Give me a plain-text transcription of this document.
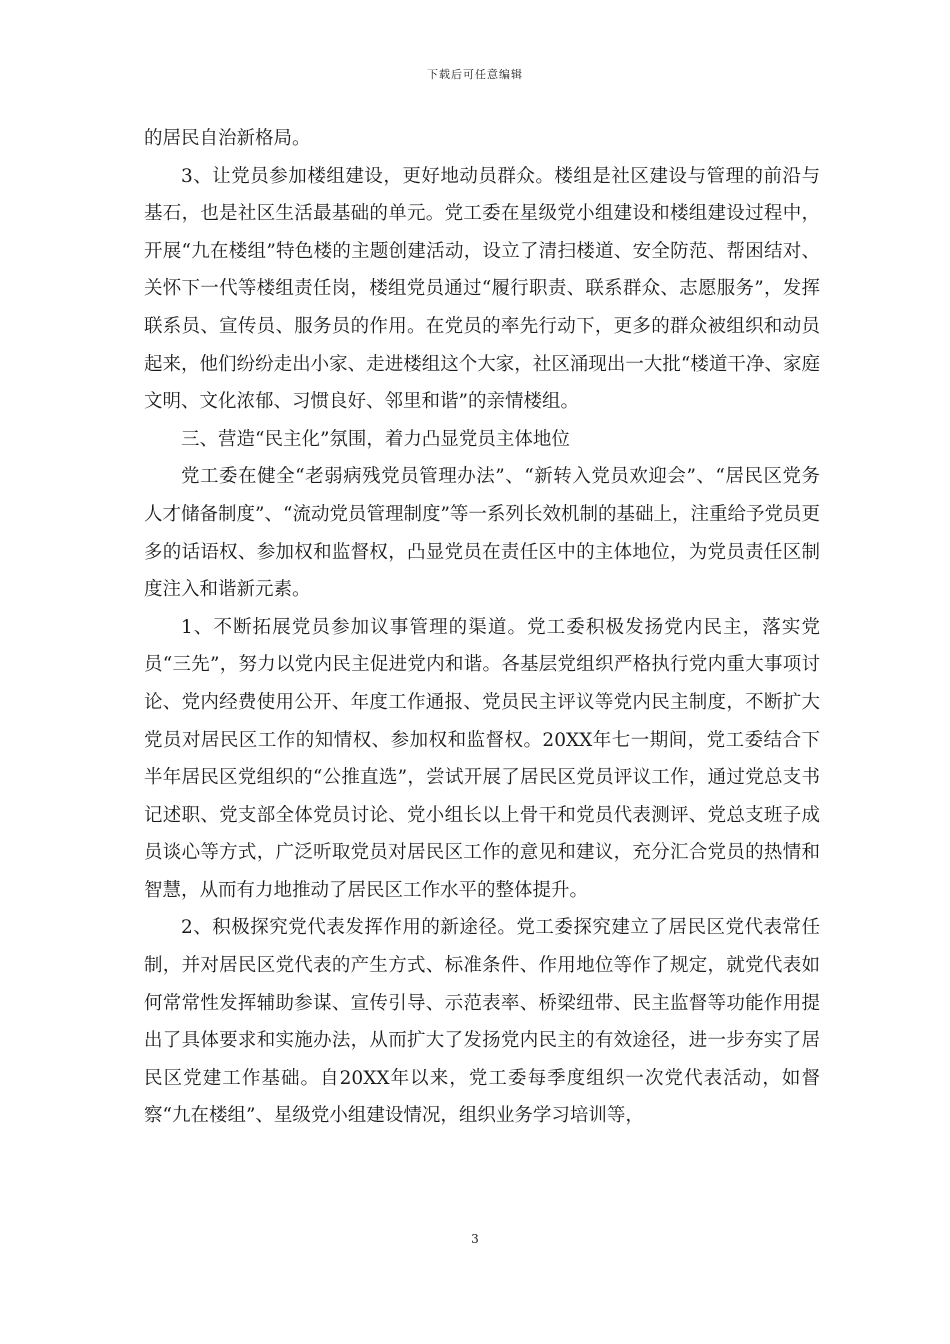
下载后可任意编辑

的居民自治新格局。

3、让党员参加楼组建设，更好地动员群众。楼组是社区建设与管理的前沿与基石，也是社区生活最基础的单元。党工委在星级党小组建设和楼组建设过程中，开展“九在楼组”特色楼的主题创建活动，设立了清扫楼道、安全防范、帮困结对、关怀下一代等楼组责任岗，楼组党员通过“履行职责、联系群众、志愿服务”，发挥联系员、宣传员、服务员的作用。在党员的率先行动下，更多的群众被组织和动员起来，他们纷纷走出小家、走进楼组这个大家，社区涌现出一大批“楼道干净、家庭文明、文化浓郁、习惯良好、邻里和谐”的亲情楼组。

三、营造“民主化”氛围，着力凸显党员主体地位

党工委在健全“老弱病残党员管理办法”、“新转入党员欢迎会”、“居民区党务人才储备制度”、“流动党员管理制度”等一系列长效机制的基础上，注重给予党员更多的话语权、参加权和监督权，凸显党员在责任区中的主体地位，为党员责任区制度注入和谐新元素。

1、不断拓展党员参加议事管理的渠道。党工委积极发扬党内民主，落实党员“三先”，努力以党内民主促进党内和谐。各基层党组织严格执行党内重大事项讨论、党内经费使用公开、年度工作通报、党员民主评议等党内民主制度，不断扩大党员对居民区工作的知情权、参加权和监督权。20XX年七一期间，党工委结合下半年居民区党组织的“公推直选”，尝试开展了居民区党员评议工作，通过党总支书记述职、党支部全体党员讨论、党小组长以上骨干和党员代表测评、党总支班子成员谈心等方式，广泛听取党员对居民区工作的意见和建议，充分汇合党员的热情和智慧，从而有力地推动了居民区工作水平的整体提升。

2、积极探究党代表发挥作用的新途径。党工委探究建立了居民区党代表常任制，并对居民区党代表的产生方式、标准条件、作用地位等作了规定，就党代表如何常常性发挥辅助参谋、宣传引导、示范表率、桥梁纽带、民主监督等功能作用提出了具体要求和实施办法，从而扩大了发扬党内民主的有效途径，进一步夯实了居民区党建工作基础。自20XX年以来，党工委每季度组织一次党代表活动，如督察“九在楼组”、星级党小组建设情况，组织业务学习培训等，

3
